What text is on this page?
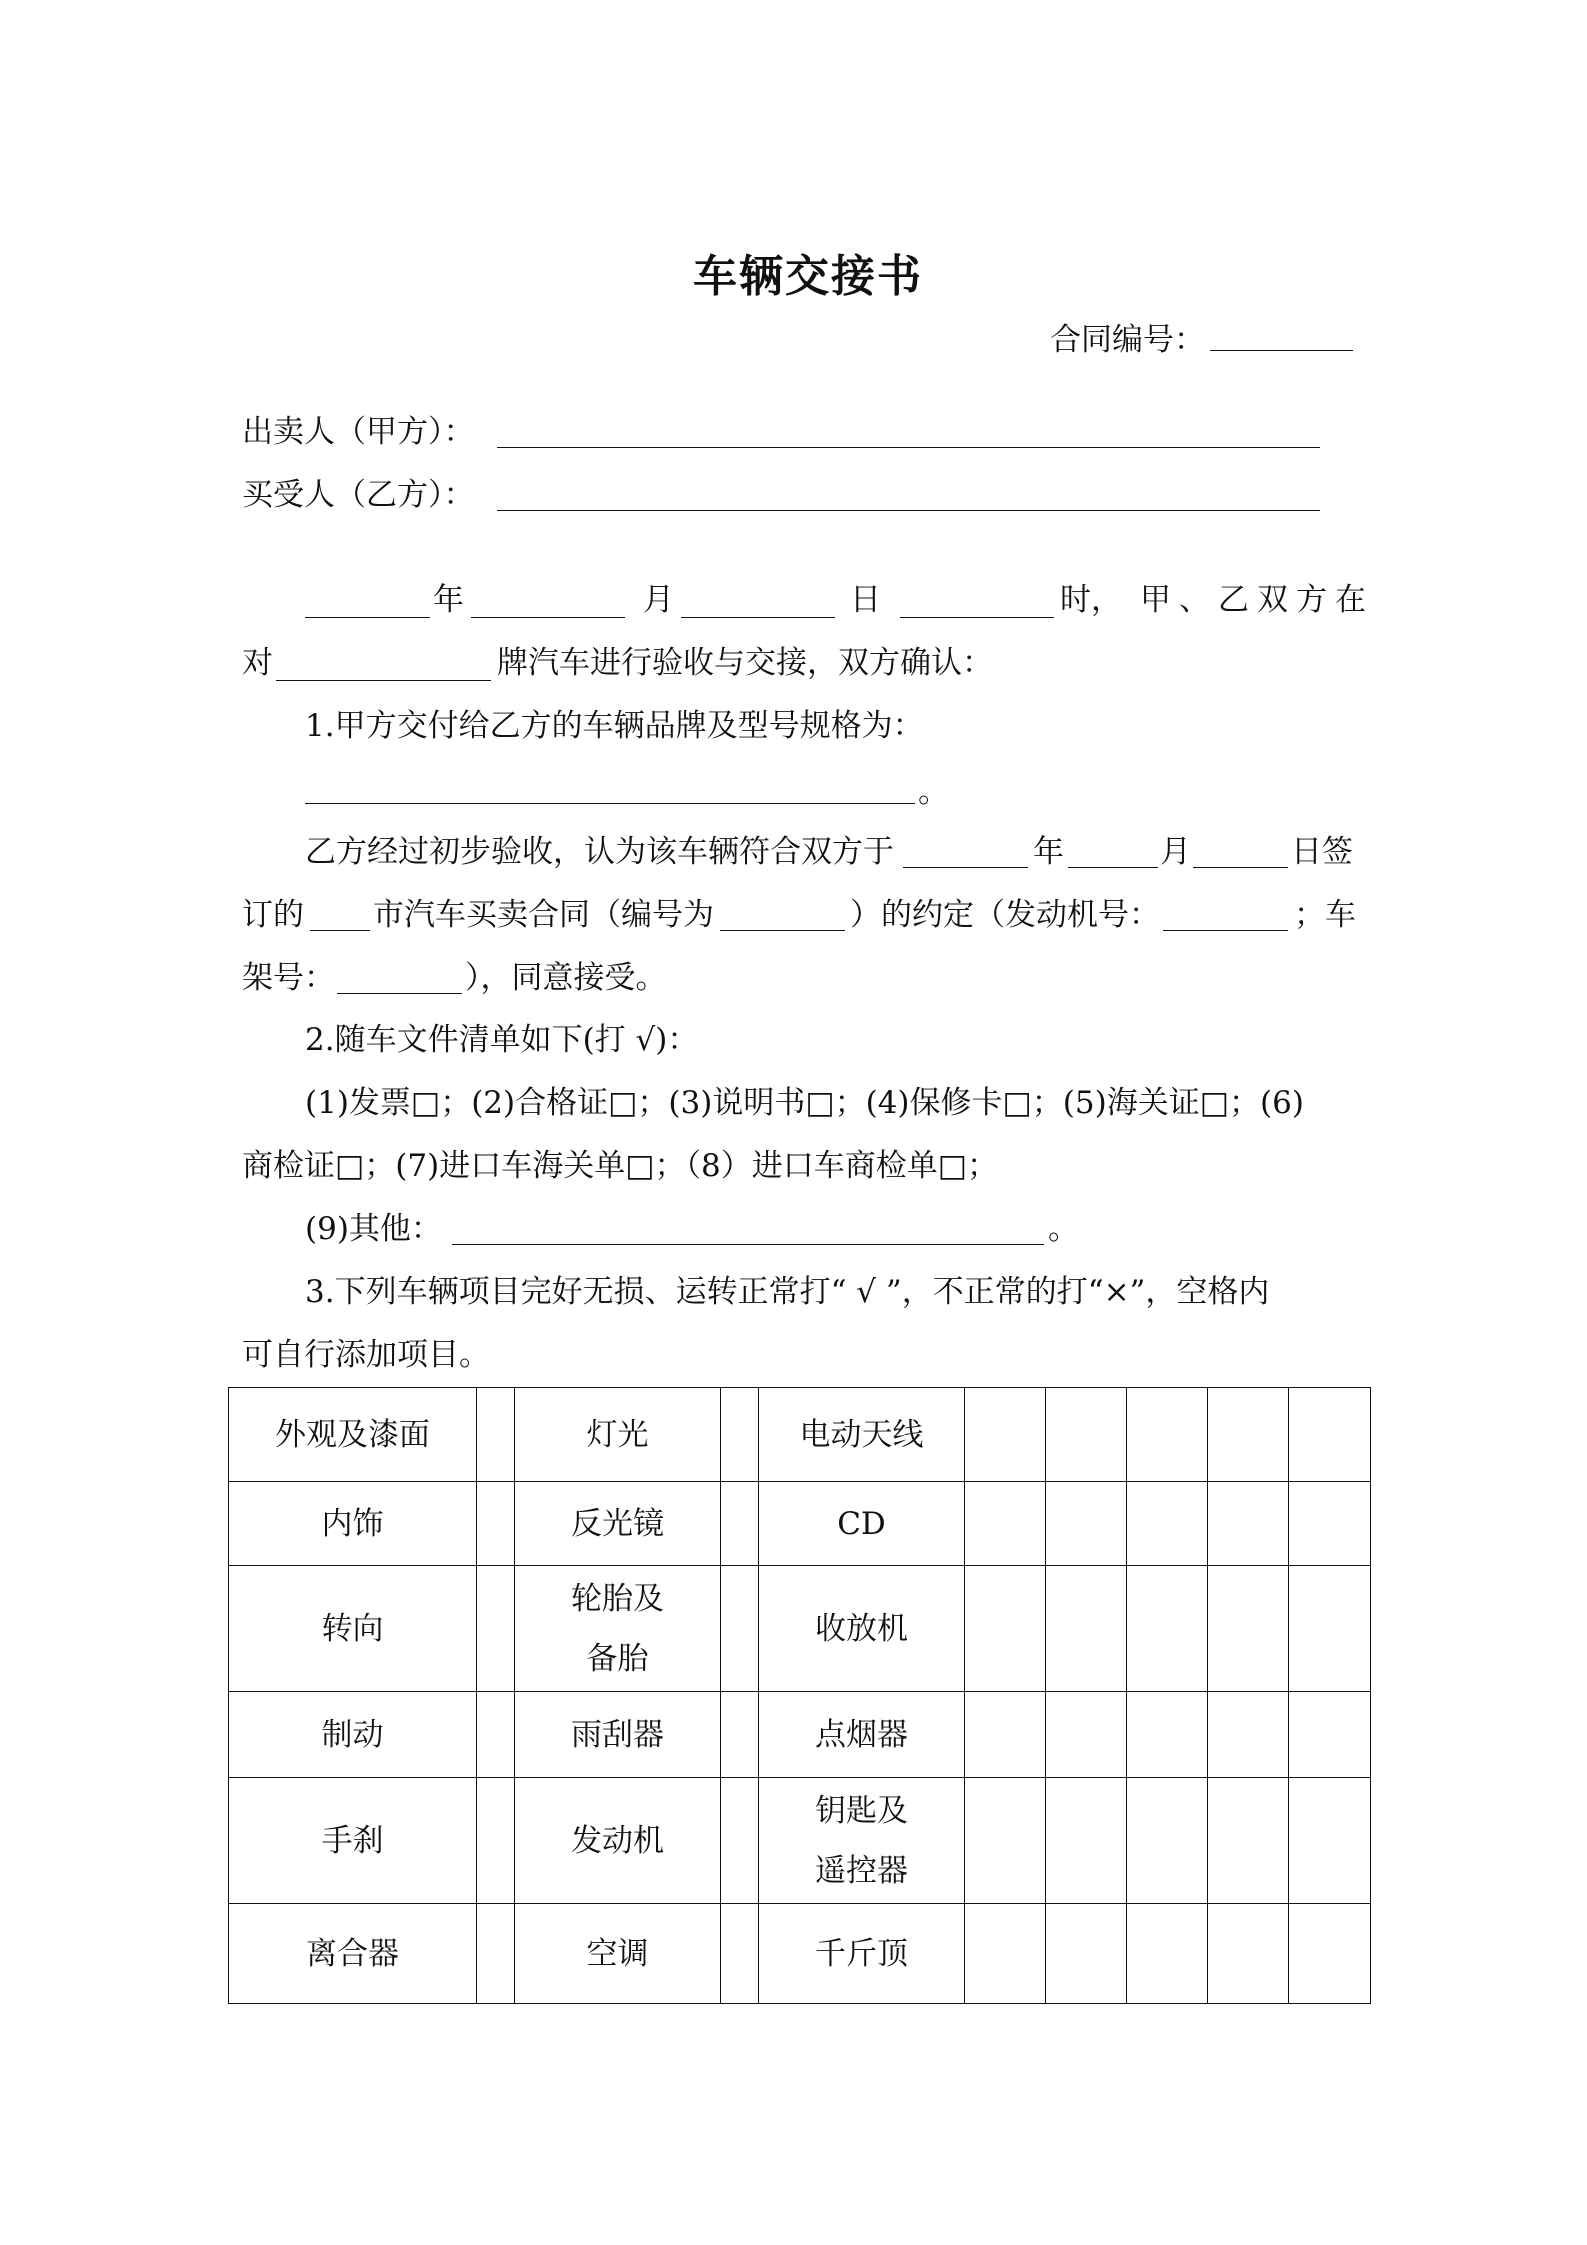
车辆交接书
合同编号：
出卖人（甲方）：
买受人（乙方）：
年	月	日	时， 甲、乙双方在
对	牌汽车进行验收与交接，双方确认：
1.甲方交付给乙方的车辆品牌及型号规格为：
。
乙方经过初步验收，认为该车辆符合双方于	年	月	日签
订的 市汽车买卖合同（编号为	）的约定（发动机号：	；车
架号：	），同意接受。
2.随车文件清单如下(打 √)：
(1)发票□；(2)合格证□；(3)说明书□；(4)保修卡□；(5)海关证□；(6)
商检证□；(7)进口车海关单□；（8）进口车商检单□；
(9)其他：	。
3.下列车辆项目完好无损、运转正常打“ √ ”，不正常的打“×”，空格内
可自行添加项目。
外观及漆面		灯光		电动天线					
内饰		反光镜		CD					
转向		轮胎及备胎		收放机					
制动		雨刮器		点烟器					
手刹		发动机		钥匙及遥控器					
离合器		空调		千斤顶					
